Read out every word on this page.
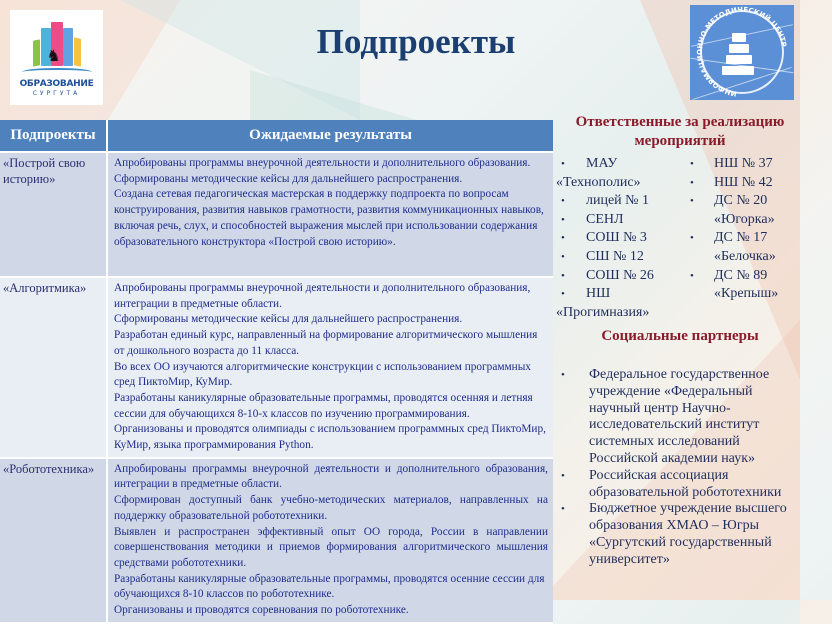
♞
ОБРАЗОВАНИЕ
СУРГУТА
Подпроекты
ИНФОРМАЦИОННО-МЕТОДИЧЕСКИЙ ЦЕНТР
Подпроекты	Ожидаемые результаты
«Построй свою историю»	Апробированы программы внеурочной деятельности и дополнительного образования.
Сформированы методические кейсы для дальнейшего распространения.
Создана сетевая педагогическая мастерская в поддержку подпроекта по вопросам конструирования, развития навыков грамотности, развития коммуникационных навыков, включая речь, слух, и способностей выражения мыслей при использовании содержания образовательного конструктора «Построй свою историю».

«Алгоритмика»	Апробированы программы внеурочной деятельности и дополнительного образования, интеграции в предметные области.
Сформированы методические кейсы для дальнейшего распространения.
Разработан единый курс, направленный на формирование алгоритмического мышления от дошкольного возраста до 11 класса.
Во всех ОО изучаются алгоритмические конструкции с использованием программных сред ПиктоМир, КуМир.
Разработаны каникулярные образовательные программы, проводятся осенняя и летняя сессии для обучающихся 8-10-х классов по изучению программирования.
Организованы и проводятся олимпиады с использованием программных сред ПиктоМир, КуМир, языка программирования Python.

«Робототехника»	Апробированы программы внеурочной деятельности и дополнительного образования, интеграции в предметные области.
Сформирован доступный банк учебно-методических материалов, направленных на поддержку образовательной робототехники.
Выявлен и распространен эффективный опыт ОО города, России в направлении совершенствования методики и приемов формирования алгоритмического мышления средствами робототехники.
Разработаны каникулярные образовательные программы, проводятся осенние сессии для обучающихся 8-10 классов по робототехнике.
Организованы и проводятся соревнования по робототехнике.
Ответственные за реализацию мероприятий
• МАУ «Технополис»
• лицей № 1
• СЕНЛ
• СОШ № 3
• СШ № 12
• СОШ № 26
• НШ «Прогимназия»
• НШ № 37
• НШ № 42
• ДС № 20 «Югорка»
• ДС № 17 «Белочка»
• ДС № 89 «Крепыш»
Социальные партнеры
• Федеральное государственное учреждение «Федеральный научный центр Научно-исследовательский институт системных исследований Российской академии наук»
• Российская ассоциация образовательной робототехники
• Бюджетное учреждение высшего образования ХМАО – Югры «Сургутский государственный университет»
